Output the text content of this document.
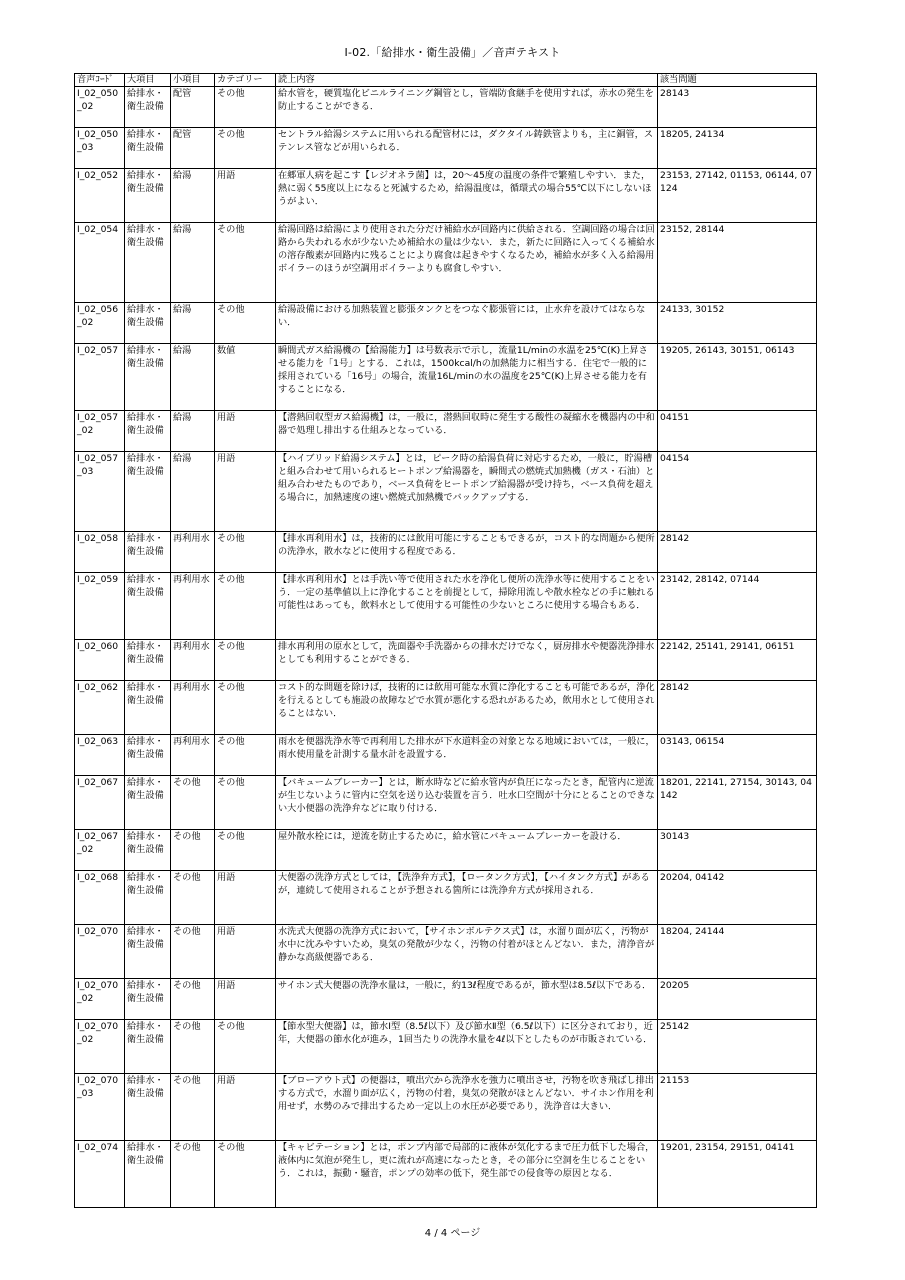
I-02.「給排水・衛生設備」／音声テキスト
音声ｺｰﾄﾞ	大項目	小項目	カテゴリー	読上内容	該当問題
I_02_050_02	給排水・衛生設備	配管	その他	給水管を，硬質塩化ビニルライニング鋼管とし，管端防食継手を使用すれば，赤水の発生を防止することができる．	28143
I_02_050_03	給排水・衛生設備	配管	その他	セントラル給湯システムに用いられる配管材には，ダクタイル鋳鉄管よりも，主に銅管，ステンレス管などが用いられる．	18205, 24134
I_02_052	給排水・衛生設備	給湯	用語	在郷軍人病を起こす【レジオネラ菌】は，20〜45度の温度の条件で繁殖しやすい．また，熱に弱く55度以上になると死滅するため，給湯温度は，循環式の場合55℃以下にしないほうがよい．	23153, 27142, 01153, 06144, 07124
I_02_054	給排水・衛生設備	給湯	その他	給湯回路は給湯により使用された分だけ補給水が回路内に供給される．空調回路の場合は回路から失われる水が少ないため補給水の量は少ない．また，新たに回路に入ってくる補給水の溶存酸素が回路内に残ることにより腐食は起きやすくなるため，補給水が多く入る給湯用ボイラーのほうが空調用ボイラーよりも腐食しやすい．	23152, 28144
I_02_056_02	給排水・衛生設備	給湯	その他	給湯設備における加熱装置と膨張タンクとをつなぐ膨張管には，止水弁を設けてはならない．	24133, 30152
I_02_057	給排水・衛生設備	給湯	数値	瞬間式ガス給湯機の【給湯能力】は号数表示で示し，流量1L/minの水温を25℃(K)上昇させる能力を「1号」とする．これは，1500kcal/hの加熱能力に相当する．住宅で一般的に採用されている「16号」の場合，流量16L/minの水の温度を25℃(K)上昇させる能力を有することになる．	19205, 26143, 30151, 06143
I_02_057_02	給排水・衛生設備	給湯	用語	【潜熱回収型ガス給湯機】は，一般に，潜熱回収時に発生する酸性の凝縮水を機器内の中和器で処理し排出する仕組みとなっている．	04151
I_02_057_03	給排水・衛生設備	給湯	用語	【ハイブリッド給湯システム】とは，ピーク時の給湯負荷に対応するため，一般に，貯湯槽と組み合わせて用いられるヒートポンプ給湯器を，瞬間式の燃焼式加熱機（ガス・石油）と組み合わせたものであり，ベース負荷をヒートポンプ給湯器が受け持ち，ベース負荷を超える場合に，加熱速度の速い燃焼式加熱機でバックアップする．	04154
I_02_058	給排水・衛生設備	再利用水	その他	【排水再利用水】は，技術的には飲用可能にすることもできるが，コスト的な問題から便所の洗浄水，散水などに使用する程度である．	28142
I_02_059	給排水・衛生設備	再利用水	その他	【排水再利用水】とは手洗い等で使用された水を浄化し便所の洗浄水等に使用することをいう．一定の基準値以上に浄化することを前提として，掃除用流しや散水栓などの手に触れる可能性はあっても，飲料水として使用する可能性の少ないところに使用する場合もある．	23142, 28142, 07144
I_02_060	給排水・衛生設備	再利用水	その他	排水再利用の原水として，洗面器や手洗器からの排水だけでなく，厨房排水や便器洗浄排水としても利用することができる．	22142, 25141, 29141, 06151
I_02_062	給排水・衛生設備	再利用水	その他	コスト的な問題を除けば，技術的には飲用可能な水質に浄化することも可能であるが，浄化を行えるとしても施設の故障などで水質が悪化する恐れがあるため，飲用水として使用されることはない．	28142
I_02_063	給排水・衛生設備	再利用水	その他	雨水を便器洗浄水等で再利用した排水が下水道料金の対象となる地域においては，一般に，雨水使用量を計測する量水計を設置する．	03143, 06154
I_02_067	給排水・衛生設備	その他	その他	【バキュームブレーカー】とは，断水時などに給水管内が負圧になったとき，配管内に逆流が生じないように管内に空気を送り込む装置を言う．吐水口空間が十分にとることのできない大小便器の洗浄弁などに取り付ける．	18201, 22141, 27154, 30143, 04142
I_02_067_02	給排水・衛生設備	その他	その他	屋外散水栓には，逆流を防止するために，給水管にバキュームブレーカーを設ける．	30143
I_02_068	給排水・衛生設備	その他	用語	大便器の洗浄方式としては，【洗浄弁方式】，【ロータンク方式】，【ハイタンク方式】があるが，連続して使用されることが予想される箇所には洗浄弁方式が採用される．	20204, 04142
I_02_070	給排水・衛生設備	その他	用語	水洗式大便器の洗浄方式において，【サイホンボルテクス式】は，水溜り面が広く，汚物が水中に沈みやすいため，臭気の発散が少なく，汚物の付着がほとんどない．また，清浄音が静かな高級便器である．	18204, 24144
I_02_070_02	給排水・衛生設備	その他	用語	サイホン式大便器の洗浄水量は，一般に，約13ℓ程度であるが，節水型は8.5ℓ以下である．	20205
I_02_070_02	給排水・衛生設備	その他	その他	【節水型大便器】は，節水Ⅰ型（8.5ℓ以下）及び節水Ⅱ型（6.5ℓ以下）に区分されており，近年，大便器の節水化が進み，1回当たりの洗浄水量を4ℓ以下としたものが市販されている．	25142
I_02_070_03	給排水・衛生設備	その他	用語	【ブローアウト式】の便器は，噴出穴から洗浄水を強力に噴出させ，汚物を吹き飛ばし排出する方式で，水溜り面が広く，汚物の付着，臭気の発散がほとんどない．サイホン作用を利用せず，水勢のみで排出するため一定以上の水圧が必要であり，洗浄音は大きい．	21153
I_02_074	給排水・衛生設備	その他	その他	【キャビテーション】とは，ポンプ内部で局部的に液体が気化するまで圧力低下した場合，液体内に気泡が発生し，更に流れが高速になったとき，その部分に空洞を生じることをいう．これは，振動・騒音，ポンプの効率の低下，発生部での侵食等の原因となる．	19201, 23154, 29151, 04141
4 / 4 ページ
